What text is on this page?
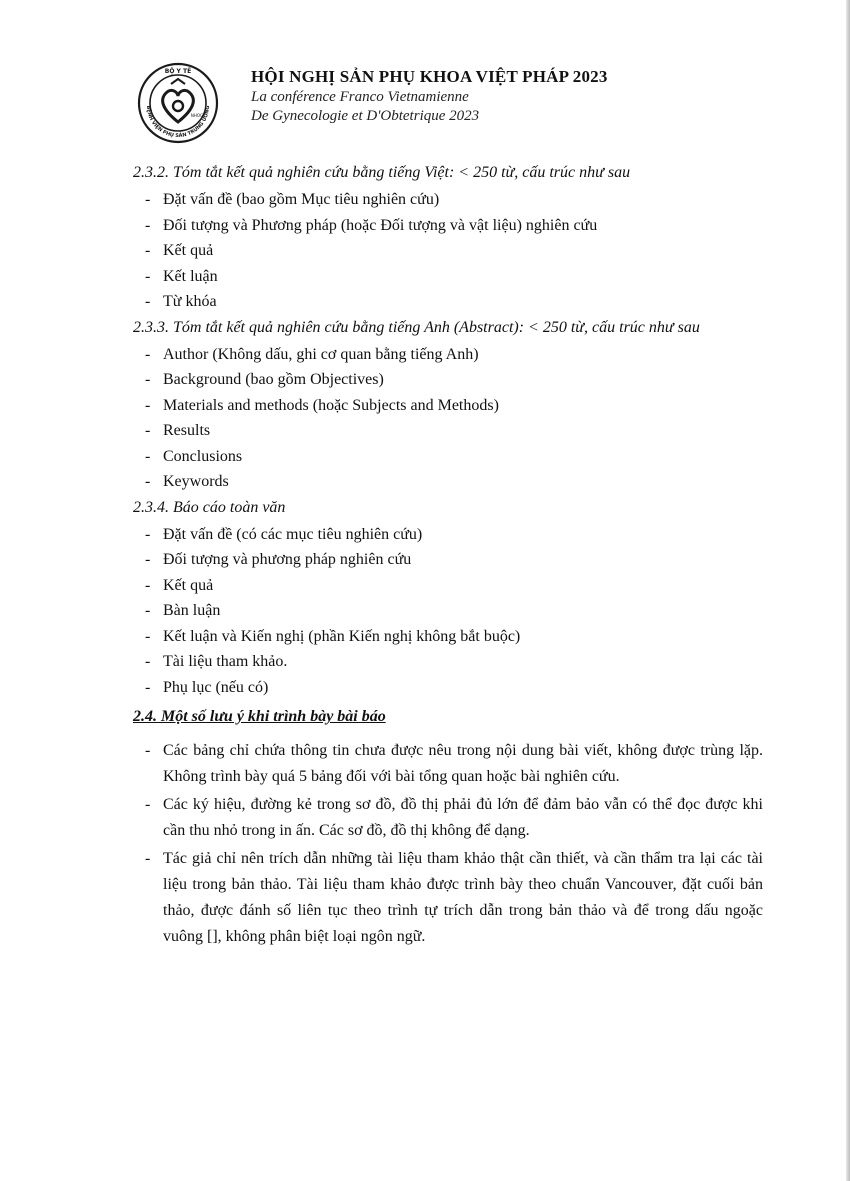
BỘ Y TẾ
NHOG
BỆNH VIỆN PHỤ SẢN TRUNG ƯƠNG
HỘI NGHỊ SẢN PHỤ KHOA VIỆT PHÁP 2023
La conférence Franco Vietnamienne
De Gynecologie et D'Obtetrique 2023
2.3.2. Tóm tắt kết quả nghiên cứu bằng tiếng Việt: < 250 từ, cấu trúc như sau
- Đặt vấn đề (bao gồm Mục tiêu nghiên cứu)
- Đối tượng và Phương pháp (hoặc Đối tượng và vật liệu) nghiên cứu
- Kết quả
- Kết luận
- Từ khóa
2.3.3. Tóm tắt kết quả nghiên cứu bằng tiếng Anh (Abstract): < 250 từ, cấu trúc như sau
- Author (Không dấu, ghi cơ quan bằng tiếng Anh)
- Background (bao gồm Objectives)
- Materials and methods (hoặc Subjects and Methods)
- Results
- Conclusions
- Keywords
2.3.4. Báo cáo toàn văn
- Đặt vấn đề (có các mục tiêu nghiên cứu)
- Đối tượng và phương pháp nghiên cứu
- Kết quả
- Bàn luận
- Kết luận và Kiến nghị (phần Kiến nghị không bắt buộc)
- Tài liệu tham khảo.
- Phụ lục (nếu có)
2.4. Một số lưu ý khi trình bày bài báo
- Các bảng chỉ chứa thông tin chưa được nêu trong nội dung bài viết, không được trùng lặp. Không trình bày quá 5 bảng đối với bài tổng quan hoặc bài nghiên cứu.
- Các ký hiệu, đường kẻ trong sơ đồ, đồ thị phải đủ lớn để đảm bảo vẫn có thể đọc được khi cần thu nhỏ trong in ấn. Các sơ đồ, đồ thị không để dạng.
- Tác giả chỉ nên trích dẫn những tài liệu tham khảo thật cần thiết, và cần thẩm tra lại các tài liệu trong bản thảo. Tài liệu tham khảo được trình bày theo chuẩn Vancouver, đặt cuối bản thảo, được đánh số liên tục theo trình tự trích dẫn trong bản thảo và để trong dấu ngoặc vuông [], không phân biệt loại ngôn ngữ.
